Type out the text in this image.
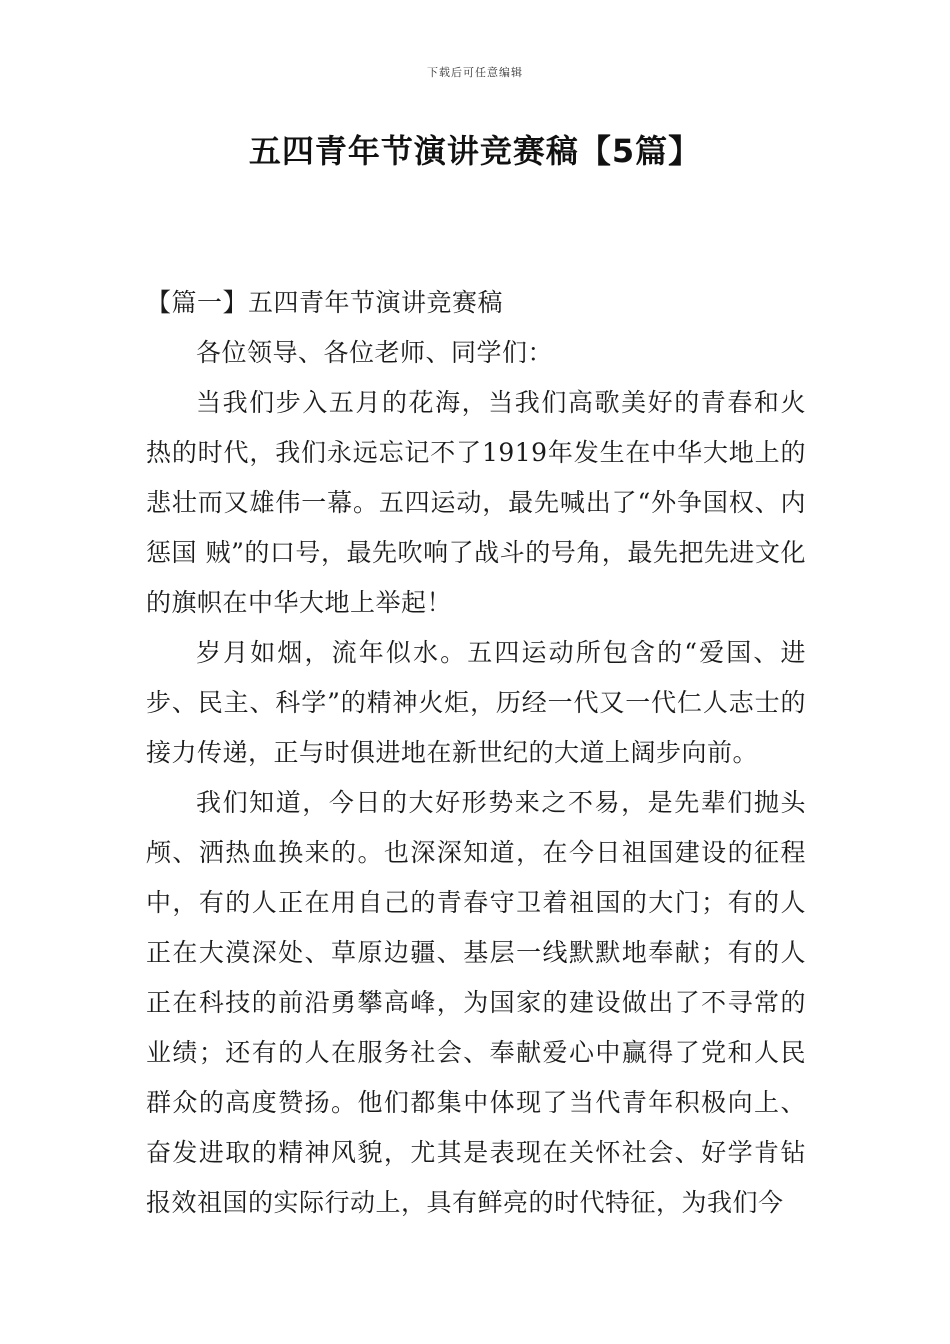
下载后可任意编辑
五四青年节演讲竞赛稿【5篇】
【篇一】五四青年节演讲竞赛稿

各位领导、各位老师、同学们：

当我们步入五月的花海，当我们高歌美好的青春和火热的时代，我们永远忘记不了1919年发生在中华大地上的悲壮而又雄伟一幕。五四运动，最先喊出了“外争国权、内惩国 贼”的口号，最先吹响了战斗的号角，最先把先进文化的旗帜在中华大地上举起！

岁月如烟，流年似水。五四运动所包含的“爱国、进步、民主、科学”的精神火炬，历经一代又一代仁人志士的接力传递，正与时俱进地在新世纪的大道上阔步向前。

我们知道，今日的大好形势来之不易，是先辈们抛头颅、洒热血换来的。也深深知道，在今日祖国建设的征程中，有的人正在用自己的青春守卫着祖国的大门；有的人正在大漠深处、草原边疆、基层一线默默地奉献；有的人正在科技的前沿勇攀高峰，为国家的建设做出了不寻常的业绩；还有的人在服务社会、奉献爱心中赢得了党和人民群众的高度赞扬。他们都集中体现了当代青年积极向上、奋发进取的精神风貌，尤其是表现在关怀社会、好学肯钻报效祖国的实际行动上，具有鲜亮的时代特征，为我们今
